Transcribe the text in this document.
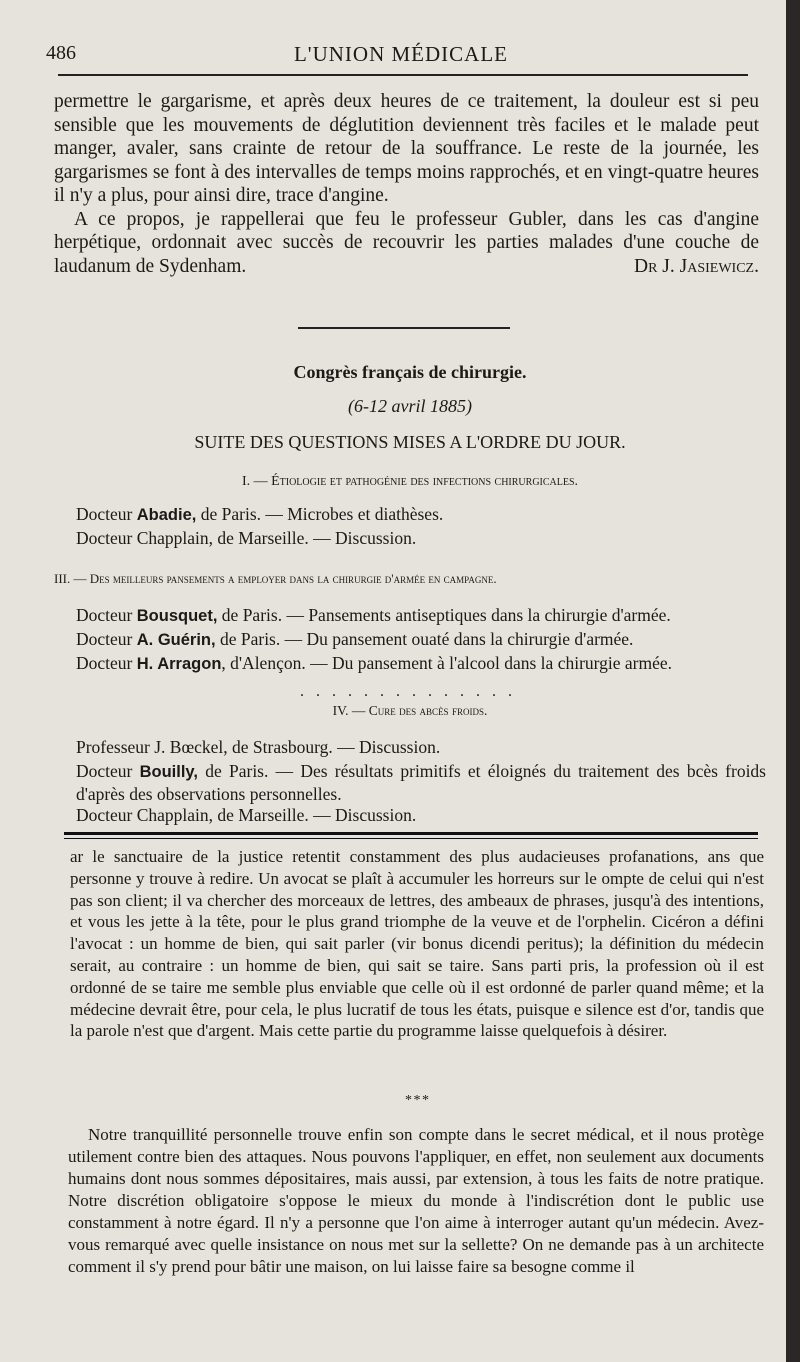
486	L'UNION MÉDICALE

permettre le gargarisme, et après deux heures de ce traitement, la douleur est si peu sensible que les mouvements de déglutition deviennent très faciles et le malade peut manger, avaler, sans crainte de retour de la souffrance. Le reste de la journée, les gargarismes se font à des intervalles de temps moins rapprochés, et en vingt-quatre heures il n'y a plus, pour ainsi dire, trace d'angine.

A ce propos, je rappellerai que feu le professeur Gubler, dans les cas d'angine herpétique, ordonnait avec succès de recouvrir les parties malades d'une couche de laudanum de Sydenham.	Dr J. Jasiewicz.

Congrès français de chirurgie.
(6-12 avril 1885)
SUITE DES QUESTIONS MISES A L'ORDRE DU JOUR.
I. — Étiologie et pathogénie des infections chirurgicales.
Docteur Abadie, de Paris. — Microbes et diathèses.
Docteur Chapplain, de Marseille. — Discussion.
III. — Des meilleurs pansements a employer dans la chirurgie d'armée en campagne.
Docteur Bousquet, de Paris. — Pansements antiseptiques dans la chirurgie d'armée.
Docteur A. Guérin, de Paris. — Du pansement ouaté dans la chirurgie d'armée.
Docteur H. Arragon, d'Alençon. — Du pansement à l'alcool dans la chirurgie armée.
. . . . . . . . . . . . . .
IV. — Cure des abcès froids.
Professeur J. Bœckel, de Strasbourg. — Discussion.
Docteur Bouilly, de Paris. — Des résultats primitifs et éloignés du traitement des bcès froids d'après des observations personnelles.
Docteur Chapplain, de Marseille. — Discussion.

ar le sanctuaire de la justice retentit constamment des plus audacieuses profanations, ans que personne y trouve à redire. Un avocat se plaît à accumuler les horreurs sur le ompte de celui qui n'est pas son client; il va chercher des morceaux de lettres, des ambeaux de phrases, jusqu'à des intentions, et vous les jette à la tête, pour le plus grand triomphe de la veuve et de l'orphelin. Cicéron a défini l'avocat : un homme de bien, qui sait parler (vir bonus dicendi peritus); la définition du médecin serait, au contraire : un homme de bien, qui sait se taire. Sans parti pris, la profession où il est ordonné de se taire me semble plus enviable que celle où il est ordonné de parler quand même; et la médecine devrait être, pour cela, le plus lucratif de tous les états, puisque e silence est d'or, tandis que la parole n'est que d'argent. Mais cette partie du programme laisse quelquefois à désirer.

* * *

Notre tranquillité personnelle trouve enfin son compte dans le secret médical, et il nous protège utilement contre bien des attaques. Nous pouvons l'appliquer, en effet, non seulement aux documents humains dont nous sommes dépositaires, mais aussi, par extension, à tous les faits de notre pratique. Notre discrétion obligatoire s'oppose le mieux du monde à l'indiscrétion dont le public use constamment à notre égard. Il n'y a personne que l'on aime à interroger autant qu'un médecin. Avez-vous remarqué avec quelle insistance on nous met sur la sellette? On ne demande pas à un architecte comment il s'y prend pour bâtir une maison, on lui laisse faire sa besogne comme il
